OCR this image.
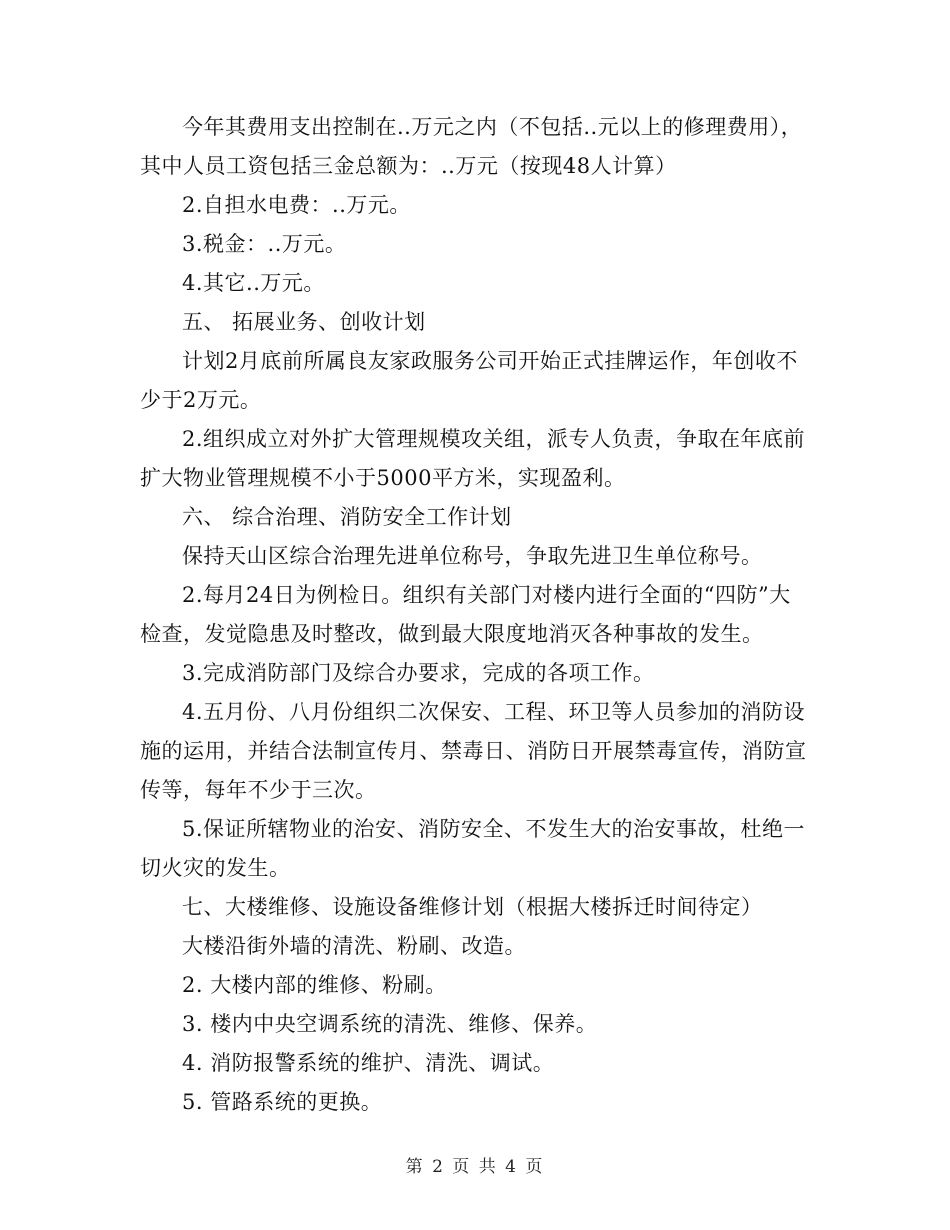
今年其费用支出控制在..万元之内（不包括..元以上的修理费用），其中人员工资包括三金总额为：..万元（按现48人计算）

2.自担水电费：..万元。

3.税金：..万元。

4.其它..万元。

五、 拓展业务、创收计划

计划2月底前所属良友家政服务公司开始正式挂牌运作，年创收不少于2万元。

2.组织成立对外扩大管理规模攻关组，派专人负责，争取在年底前扩大物业管理规模不小于5000平方米，实现盈利。

六、 综合治理、消防安全工作计划

保持天山区综合治理先进单位称号，争取先进卫生单位称号。

2.每月24日为例检日。组织有关部门对楼内进行全面的“四防”大检查，发觉隐患及时整改，做到最大限度地消灭各种事故的发生。

3.完成消防部门及综合办要求，完成的各项工作。

4.五月份、八月份组织二次保安、工程、环卫等人员参加的消防设施的运用，并结合法制宣传月、禁毒日、消防日开展禁毒宣传，消防宣传等，每年不少于三次。

5.保证所辖物业的治安、消防安全、不发生大的治安事故，杜绝一切火灾的发生。

七、大楼维修、设施设备维修计划（根据大楼拆迁时间待定）

大楼沿街外墙的清洗、粉刷、改造。

2. 大楼内部的维修、粉刷。

3. 楼内中央空调系统的清洗、维修、保养。

4. 消防报警系统的维护、清洗、调试。

5. 管路系统的更换。

第 2 页 共 4 页
